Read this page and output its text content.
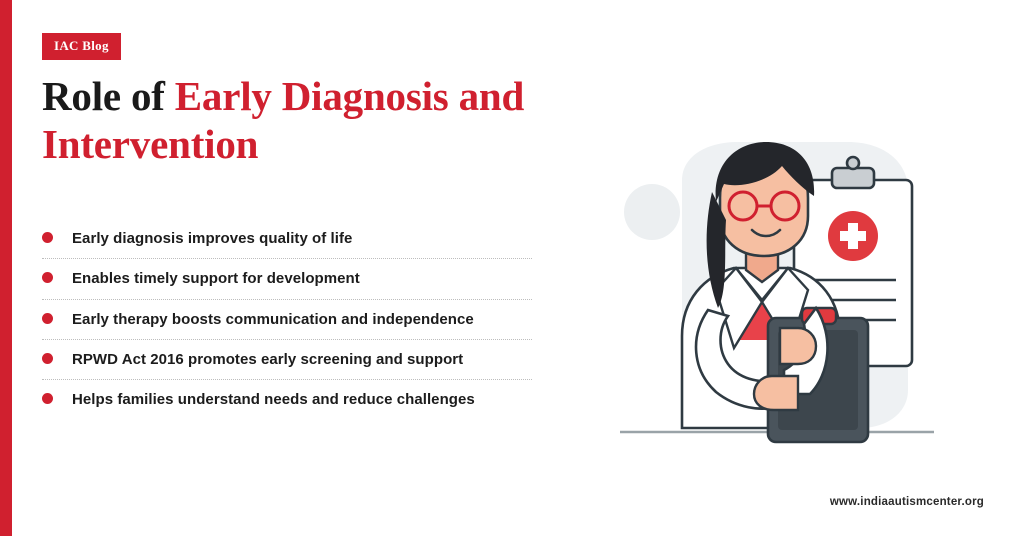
IAC Blog
Role of Early Diagnosis and
Intervention
Early diagnosis improves quality of life
Enables timely support for development
Early therapy boosts communication and independence
RPWD Act 2016 promotes early screening and support
Helps families understand needs and reduce challenges
www.indiaautismcenter.org
